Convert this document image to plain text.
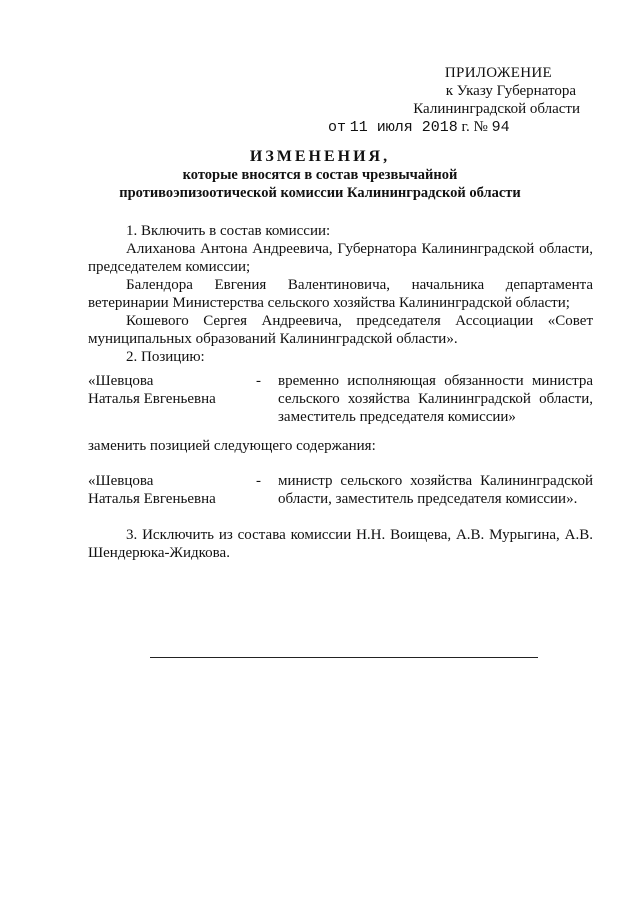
ПРИЛОЖЕНИЕ
к Указу Губернатора
Калининградской области
от 11 июля 2018 г. № 94
ИЗМЕНЕНИЯ,
которые вносятся в состав чрезвычайной
противоэпизоотической комиссии Калининградской области

1. Включить в состав комиссии:

Алиханова Антона Андреевича, Губернатора Калининградской области, председателем комиссии;

Балендора Евгения Валентиновича, начальника департамента ветеринарии Министерства сельского хозяйства Калининградской области;

Кошевого Сергея Андреевича, председателя Ассоциации «Совет муниципальных образований Калининградской области».

2. Позицию:

«Шевцова
Наталья Евгеньевна
- временно исполняющая обязанности министра сельского хозяйства Калининградской области, заместитель председателя комиссии»
заменить позицией следующего содержания:
«Шевцова
Наталья Евгеньевна
- министр сельского хозяйства Калининградской области, заместитель председателя комиссии».

3. Исключить из состава комиссии Н.Н. Воищева, А.В. Мурыгина, А.В. Шендерюка-Жидкова.
